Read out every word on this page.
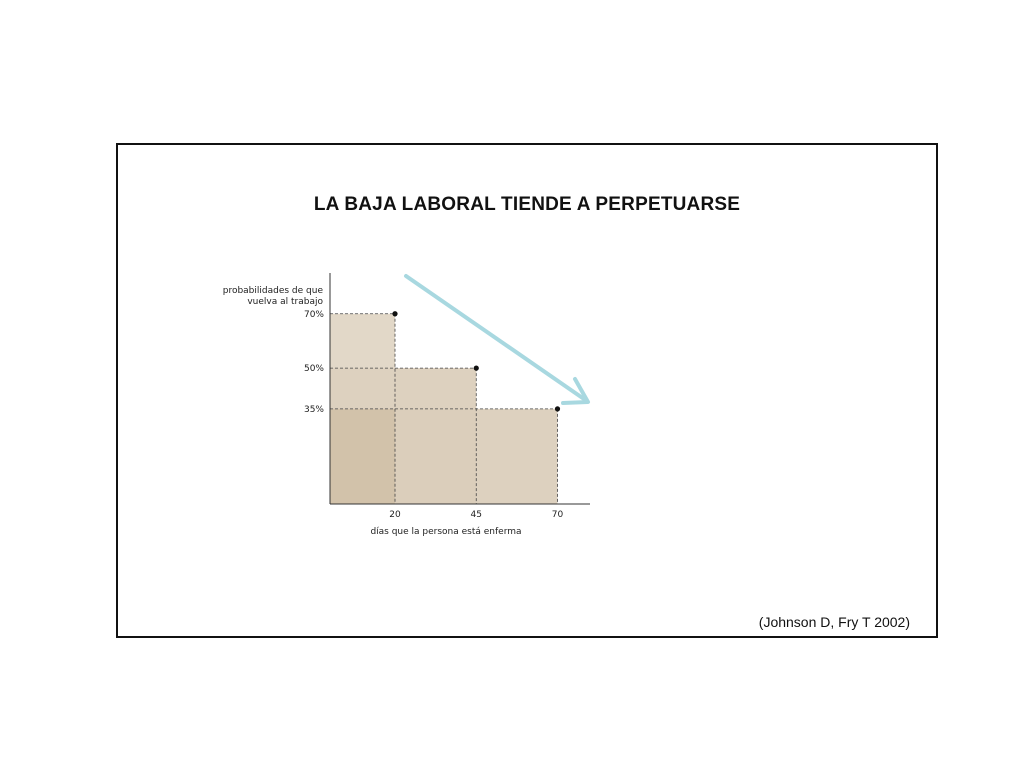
LA BAJA LABORAL TIENDE A PERPETUARSE
70%
20
50%
45
35%
70
probabilidades de que
vuelva al trabajo
días que la persona está enferma
(Johnson D, Fry T 2002)
